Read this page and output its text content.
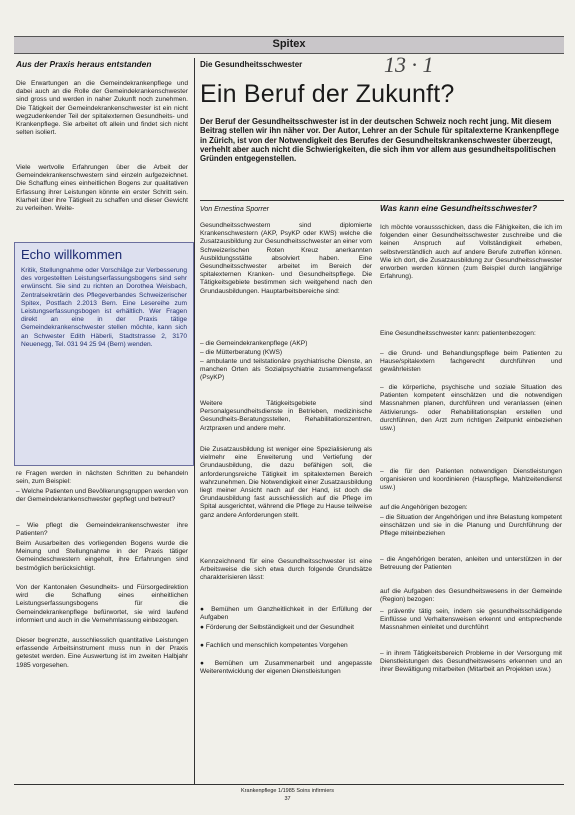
Spitex

Aus der Praxis heraus entstanden

Die Erwartungen an die Gemeindekrankenpflege und dabei auch an die Rolle der Gemeindekrankenschwester sind gross und werden in naher Zukunft noch zunehmen. Die Tätigkeit der Gemeindekrankenschwester ist ein nicht wegzudenkender Teil der spitalexternen Gesundheits- und Krankenpflege. Sie arbeitet oft allein und findet sich nicht selten isoliert.

Viele wertvolle Erfahrungen über die Arbeit der Gemeindekrankenschwestern sind einzeln aufgezeichnet. Die Schaffung eines einheitlichen Bogens zur qualitativen Erfassung ihrer Leistungen könnte ein erster Schritt sein. Klarheit über ihre Tätigkeit zu schaffen und dieser Gewicht zu verleihen. Weite-

Echo willkommen

Kritik, Stellungnahme oder Vorschläge zur Verbesserung des vorgestellten Leistungserfassungsbogens sind sehr erwünscht. Sie sind zu richten an Dorothea Weisbach, Zentralsekretärin des Pflegeverbandes Schweizerischer Spitex, Postfach 2.2013 Bern. Eine Lesereihe zum Leistungserfassungsbogen ist erhältlich. Wer Fragen direkt an eine in der Praxis tätige Gemeindekrankenschwester stellen möchte, kann sich an Schwester Edith Häberli, Stadtstrasse 2, 3170 Neuenegg, Tel. 031 94 25 94 (Bern) wenden.

re Fragen werden in nächsten Schritten zu behandeln sein, zum Beispiel:

– Welche Patienten und Bevölkerungsgruppen werden von der Gemeindekrankenschwester gepflegt und betreut?

– Wie pflegt die Gemeindekrankenschwester ihre Patienten?

Beim Ausarbeiten des vorliegenden Bogens wurde die Meinung und Stellungnahme in der Praxis tätiger Gemeindeschwestern eingeholt, ihre Erfahrungen sind bestmöglich berücksichtigt.

Von der Kantonalen Gesundheits- und Fürsorgedirektion wird die Schaffung eines einheitlichen Leistungserfassungsbogens für die Gemeindekrankenpflege befürwortet, sie wird laufend informiert und auch in die Vernehmlassung einbezogen.

Dieser begrenzte, ausschliesslich quantitative Leistungen erfassende Arbeitsinstrument muss nun in der Praxis getestet werden. Eine Auswertung ist im zweiten Halbjahr 1985 vorgesehen.

Die Gesundheitsschwester	13 · 1

Ein Beruf der Zukunft?

Der Beruf der Gesundheitsschwester ist in der deutschen Schweiz noch recht jung. Mit diesem Beitrag stellen wir ihn näher vor. Der Autor, Lehrer an der Schule für spitalexterne Krankenpflege in Zürich, ist von der Notwendigkeit des Berufes der Gesundheitskrankenschwester überzeugt, verhehlt aber auch nicht die Schwierigkeiten, die sich ihm vor allem aus gesundheitspolitischen Gründen entgegenstellen.

Von Ernestina Sporrer

Gesundheitsschwestern sind diplomierte Krankenschwestern (AKP, PsyKP oder KWS) welche die Zusatzausbildung zur Gesundheitsschwester an einer vom Schweizerischen Roten Kreuz anerkannten Ausbildungsstätte absolviert haben. Eine Gesundheitsschwester arbeitet im Bereich der spitalexternen Kranken- und Gesundheitspflege. Die Tätigkeitsgebiete bestimmen sich weitgehend nach den Grundausbildungen. Hauptarbeitsbereiche sind:

– die Gemeindekrankenpflege (AKP)

– die Mütterberatung (KWS)

– ambulante und teilstationäre psychiatrische Dienste, an manchen Orten als Sozialpsychiatrie zusammengefasst (PsyKP)

Weitere Tätigkeitsgebiete sind Personalgesundheitsdienste in Betrieben, medizinische Gesundheits-Beratungsstellen, Rehabilitationszentren, Arztpraxen und andere mehr.

Die Zusatzausbildung ist weniger eine Spezialisierung als vielmehr eine Erweiterung und Vertiefung der Grundausbildung, die dazu befähigen soll, die anforderungsreiche Tätigkeit im spitalexternen Bereich wahrzunehmen. Die Notwendigkeit einer Zusatzausbildung liegt meiner Ansicht nach auf der Hand, ist doch die Grundausbildung fast ausschliesslich auf die Pflege im Spital ausgerichtet, während die Pflege zu Hause teilweise ganz andere Anforderungen stellt.

Kennzeichnend für eine Gesundheitsschwester ist eine Arbeitsweise die sich etwa durch folgende Grundsätze charakterisieren lässt:

● Bemühen um Ganzheitlichkeit in der Erfüllung der Aufgaben

● Förderung der Selbständigkeit und der Gesundheit

● Fachlich und menschlich kompetentes Vorgehen

● Bemühen um Zusammenarbeit und angepasste Weiterentwicklung der eigenen Dienstleistungen

Was kann eine Gesundheitsschwester?

Ich möchte voraussschicken, dass die Fähigkeiten, die ich im folgenden einer Gesundheitsschwester zuschreibe und die keinen Anspruch auf Vollständigkeit erheben, selbstverständlich auch auf andere Berufe zutreffen können. Wie ich dort, die Zusatzausbildung zur Gesundheitsschwester erworben werden können (zum Beispiel durch langjährige Erfahrung).

Eine Gesundheitsschwester kann: patientenbezogen:

– die Grund- und Behandlungspflege beim Patienten zu Hause/spitalextern fachgerecht durchführen und gewährleisten

– die körperliche, psychische und soziale Situation des Patienten kompetent einschätzen und die notwendigen Massnahmen planen, durchführen und veranlassen (einen Aktivierungs- oder Rehabilitationsplan erstellen und durchführen, den Arzt zum richtigen Zeitpunkt einbeziehen usw.)

– die für den Patienten notwendigen Dienstleistungen organisieren und koordinieren (Hauspflege, Mahlzeitendienst usw.)

auf die Angehörigen bezogen:

– die Situation der Angehörigen und ihre Belastung kompetent einschätzen und sie in die Planung und Durchführung der Pflege miteinbeziehen

– die Angehörigen beraten, anleiten und unterstützen in der Betreuung der Patienten

auf die Aufgaben des Gesundheitswesens in der Gemeinde (Region) bezogen:

– präventiv tätig sein, indem sie gesundheitsschädigende Einflüsse und Verhaltensweisen erkennt und entsprechende Massnahmen einleitet und durchführt

– in ihrem Tätigkeitsbereich Probleme in der Versorgung mit Dienstleistungen des Gesundheitswesens erkennen und an ihrer Bewältigung mitarbeiten (Mitarbeit an Projekten usw.)

Krankenpflege 1/1985 Soins infirmiers

37
